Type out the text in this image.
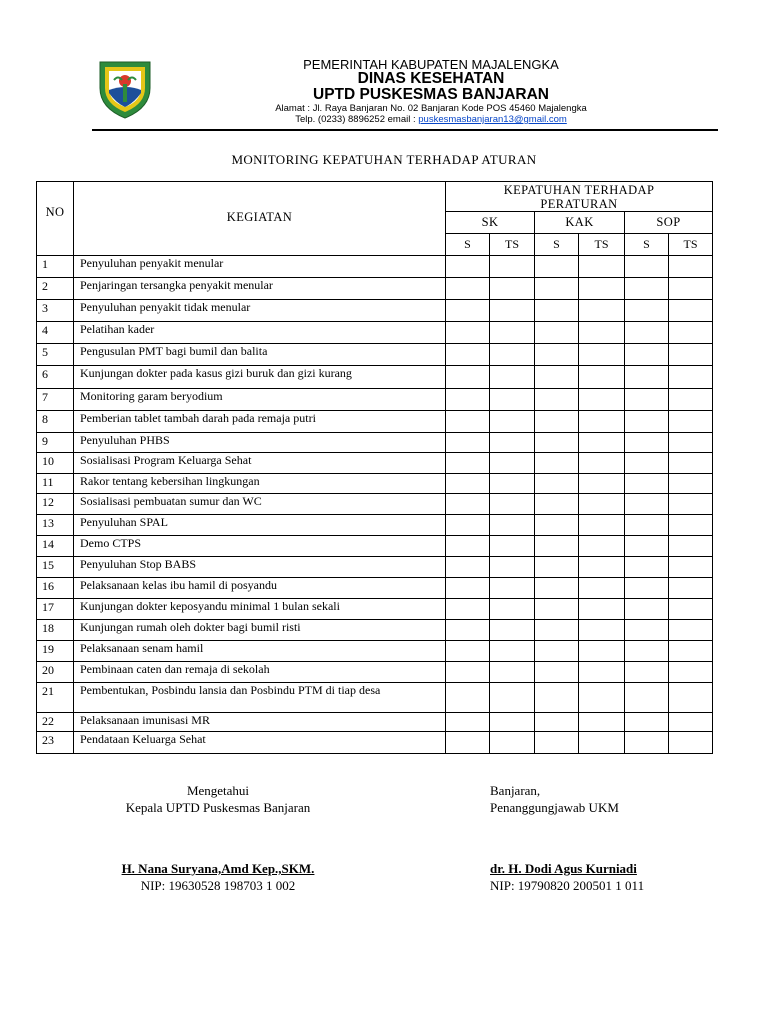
PEMERINTAH KABUPATEN MAJALENGKA
DINAS KESEHATAN
UPTD PUSKESMAS BANJARAN
Alamat : Jl. Raya Banjaran No. 02 Banjaran Kode POS 45460 Majalengka
Telp. (0233) 8896252 email : puskesmasbanjaran13@gmail.com
MONITORING KEPATUHAN TERHADAP ATURAN
NO	KEGIATAN	KEPATUHAN TERHADAP PERATURAN					
		SK		KAK		SOP	
		S	TS	S	TS	S	TS
1	Penyuluhan penyakit menular						
2	Penjaringan tersangka penyakit menular						
3	Penyuluhan penyakit tidak menular						
4	Pelatihan kader						
5	Pengusulan PMT bagi bumil dan balita						
6	Kunjungan dokter pada kasus gizi buruk dan gizi kurang						
7	Monitoring garam beryodium						
8	Pemberian tablet tambah darah pada remaja putri						
9	Penyuluhan PHBS						
10	Sosialisasi Program Keluarga Sehat						
11	Rakor tentang kebersihan lingkungan						
12	Sosialisasi pembuatan sumur dan WC						
13	Penyuluhan SPAL						
14	Demo CTPS						
15	Penyuluhan Stop BABS						
16	Pelaksanaan kelas ibu hamil di posyandu						
17	Kunjungan dokter keposyandu minimal 1 bulan sekali						
18	Kunjungan rumah oleh dokter bagi bumil risti						
19	Pelaksanaan senam hamil						
20	Pembinaan caten dan remaja di sekolah						
21	Pembentukan, Posbindu lansia dan Posbindu PTM di tiap desa						
22	Pelaksanaan imunisasi MR						
23	Pendataan Keluarga Sehat						
Mengetahui
Kepala UPTD Puskesmas Banjaran
H. Nana Suryana,Amd Kep.,SKM.
NIP: 19630528 198703 1 002
Banjaran,
Penanggungjawab UKM
dr. H. Dodi Agus Kurniadi
NIP: 19790820 200501 1 011
